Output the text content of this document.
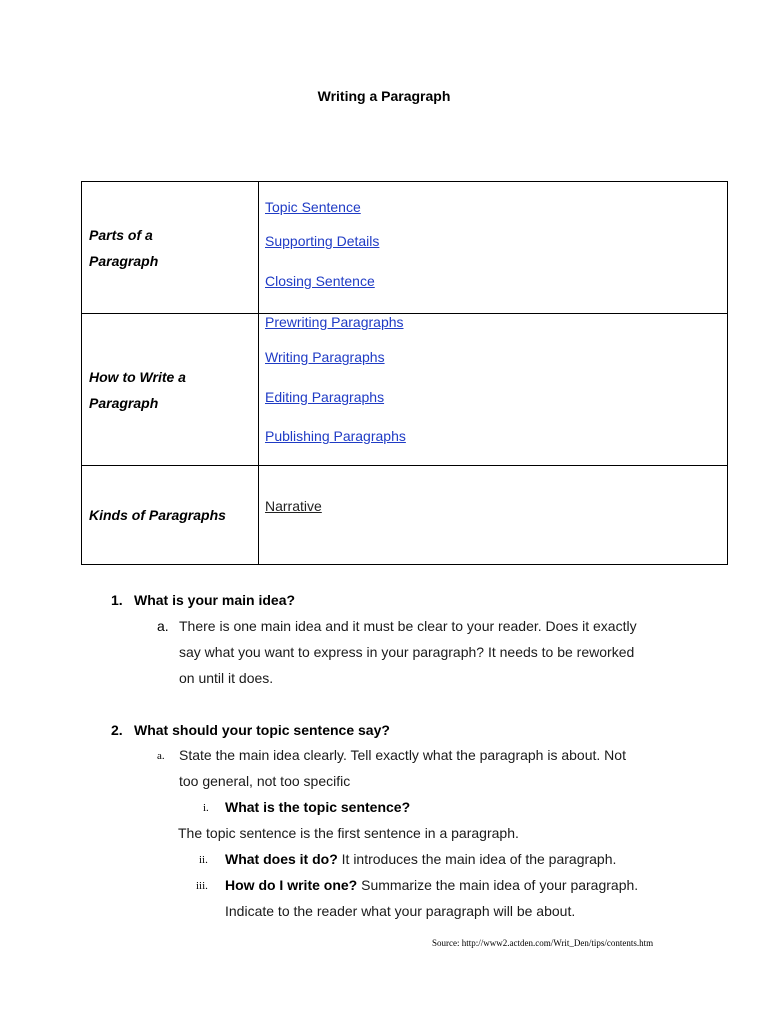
Writing a Paragraph
Parts of a
Paragraph	Topic Sentence
Supporting Details
Closing Sentence

How to Write a
Paragraph	Prewriting Paragraphs
Writing Paragraphs
Editing Paragraphs
Publishing Paragraphs

Kinds of Paragraphs	Narrative
1. What is your main idea?
a. There is one main idea and it must be clear to your reader. Does it exactly
say what you want to express in your paragraph? It needs to be reworked
on until it does.
2. What should your topic sentence say?
a. State the main idea clearly. Tell exactly what the paragraph is about. Not
too general, not too specific
i. What is the topic sentence?
The topic sentence is the first sentence in a paragraph.
ii. What does it do? It introduces the main idea of the paragraph.
iii. How do I write one? Summarize the main idea of your paragraph.
Indicate to the reader what your paragraph will be about.
Source: http://www2.actden.com/Writ_Den/tips/contents.htm
